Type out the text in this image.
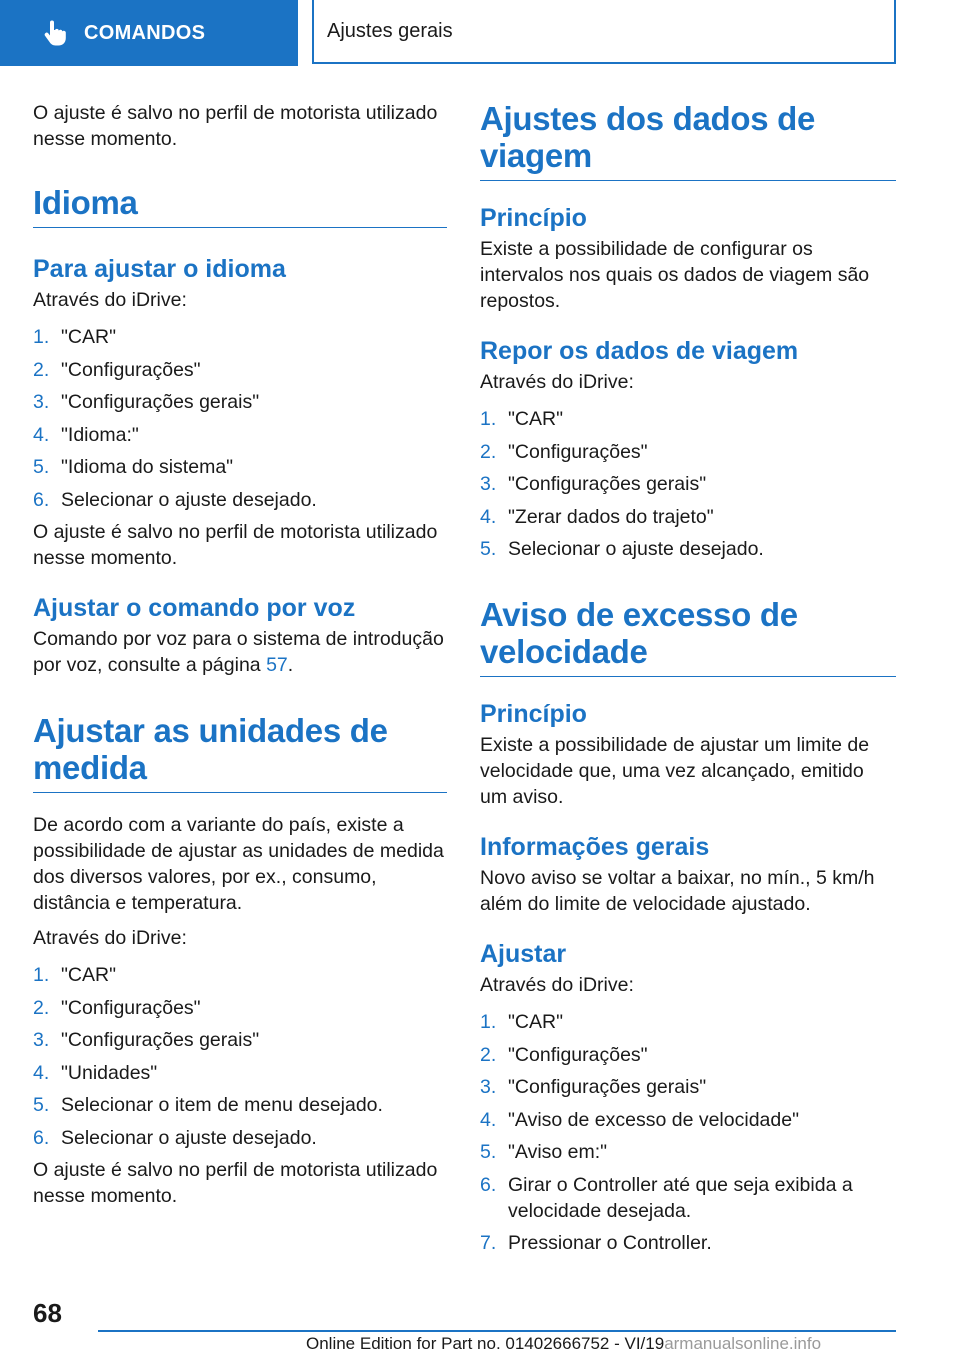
COMANDOS	Ajustes gerais

O ajuste é salvo no perfil de motorista utilizado nesse momento.

Idioma
Para ajustar o idioma

Através do iDrive:

1. "CAR"
2. "Configurações"
3. "Configurações gerais"
4. "Idioma:"
5. "Idioma do sistema"
6. Selecionar o ajuste desejado.

O ajuste é salvo no perfil de motorista utilizado nesse momento.

Ajustar o comando por voz

Comando por voz para o sistema de introdução por voz, consulte a página 57.

Ajustar as unidades de medida

De acordo com a variante do país, existe a possibilidade de ajustar as unidades de medida dos diversos valores, por ex., consumo, distância e temperatura.

Através do iDrive:

1. "CAR"
2. "Configurações"
3. "Configurações gerais"
4. "Unidades"
5. Selecionar o item de menu desejado.
6. Selecionar o ajuste desejado.

O ajuste é salvo no perfil de motorista utilizado nesse momento.

Ajustes dos dados de viagem
Princípio

Existe a possibilidade de configurar os intervalos nos quais os dados de viagem são repostos.

Repor os dados de viagem

Através do iDrive:

1. "CAR"
2. "Configurações"
3. "Configurações gerais"
4. "Zerar dados do trajeto"
5. Selecionar o ajuste desejado.
Aviso de excesso de velocidade
Princípio

Existe a possibilidade de ajustar um limite de velocidade que, uma vez alcançado, emitido um aviso.

Informações gerais

Novo aviso se voltar a baixar, no mín., 5 km/h além do limite de velocidade ajustado.

Ajustar

Através do iDrive:

1. "CAR"
2. "Configurações"
3. "Configurações gerais"
4. "Aviso de excesso de velocidade"
5. "Aviso em:"
6. Girar o Controller até que seja exibida a velocidade desejada.
7. Pressionar o Controller.
68
Online Edition for Part no. 01402666752 - VI/19armanualsonline.info
